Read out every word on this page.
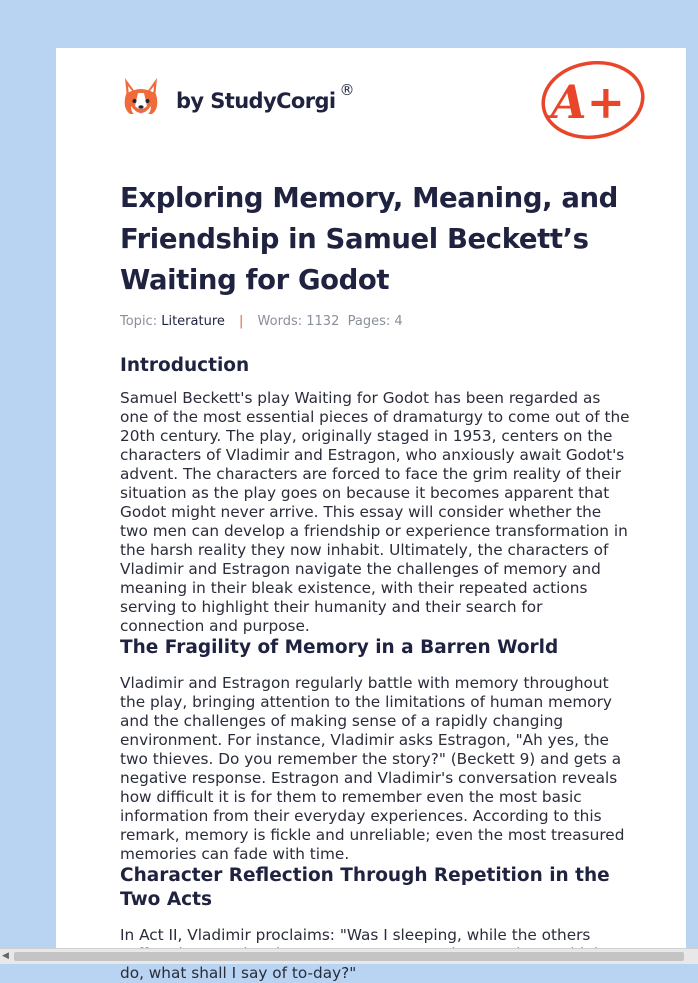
by StudyCorgi ®	A+
Exploring Memory, Meaning, and Friendship in Samuel Beckett’s Waiting for Godot
Topic: Literature | Words: 1132 Pages: 4
Introduction

Samuel Beckett's play Waiting for Godot has been regarded as one of the most essential pieces of dramaturgy to come out of the 20th century. The play, originally staged in 1953, centers on the characters of Vladimir and Estragon, who anxiously await Godot's advent. The characters are forced to face the grim reality of their situation as the play goes on because it becomes apparent that Godot might never arrive. This essay will consider whether the two men can develop a friendship or experience transformation in the harsh reality they now inhabit. Ultimately, the characters of Vladimir and Estragon navigate the challenges of memory and meaning in their bleak existence, with their repeated actions serving to highlight their humanity and their search for connection and purpose.

The Fragility of Memory in a Barren World

Vladimir and Estragon regularly battle with memory throughout the play, bringing attention to the limitations of human memory and the challenges of making sense of a rapidly changing environment. For instance, Vladimir asks Estragon, "Ah yes, the two thieves. Do you remember the story?" (Beckett 9) and gets a negative response. Estragon and Vladimir's conversation reveals how difficult it is for them to remember even the most basic information from their everyday experiences. According to this remark, memory is fickle and unreliable; even the most treasured memories can fade with time.

Character Reflection Through Repetition in the Two Acts

In Act II, Vladimir proclaims: "Was I sleeping, while the others do, what shall I say of to-day?"

◀
